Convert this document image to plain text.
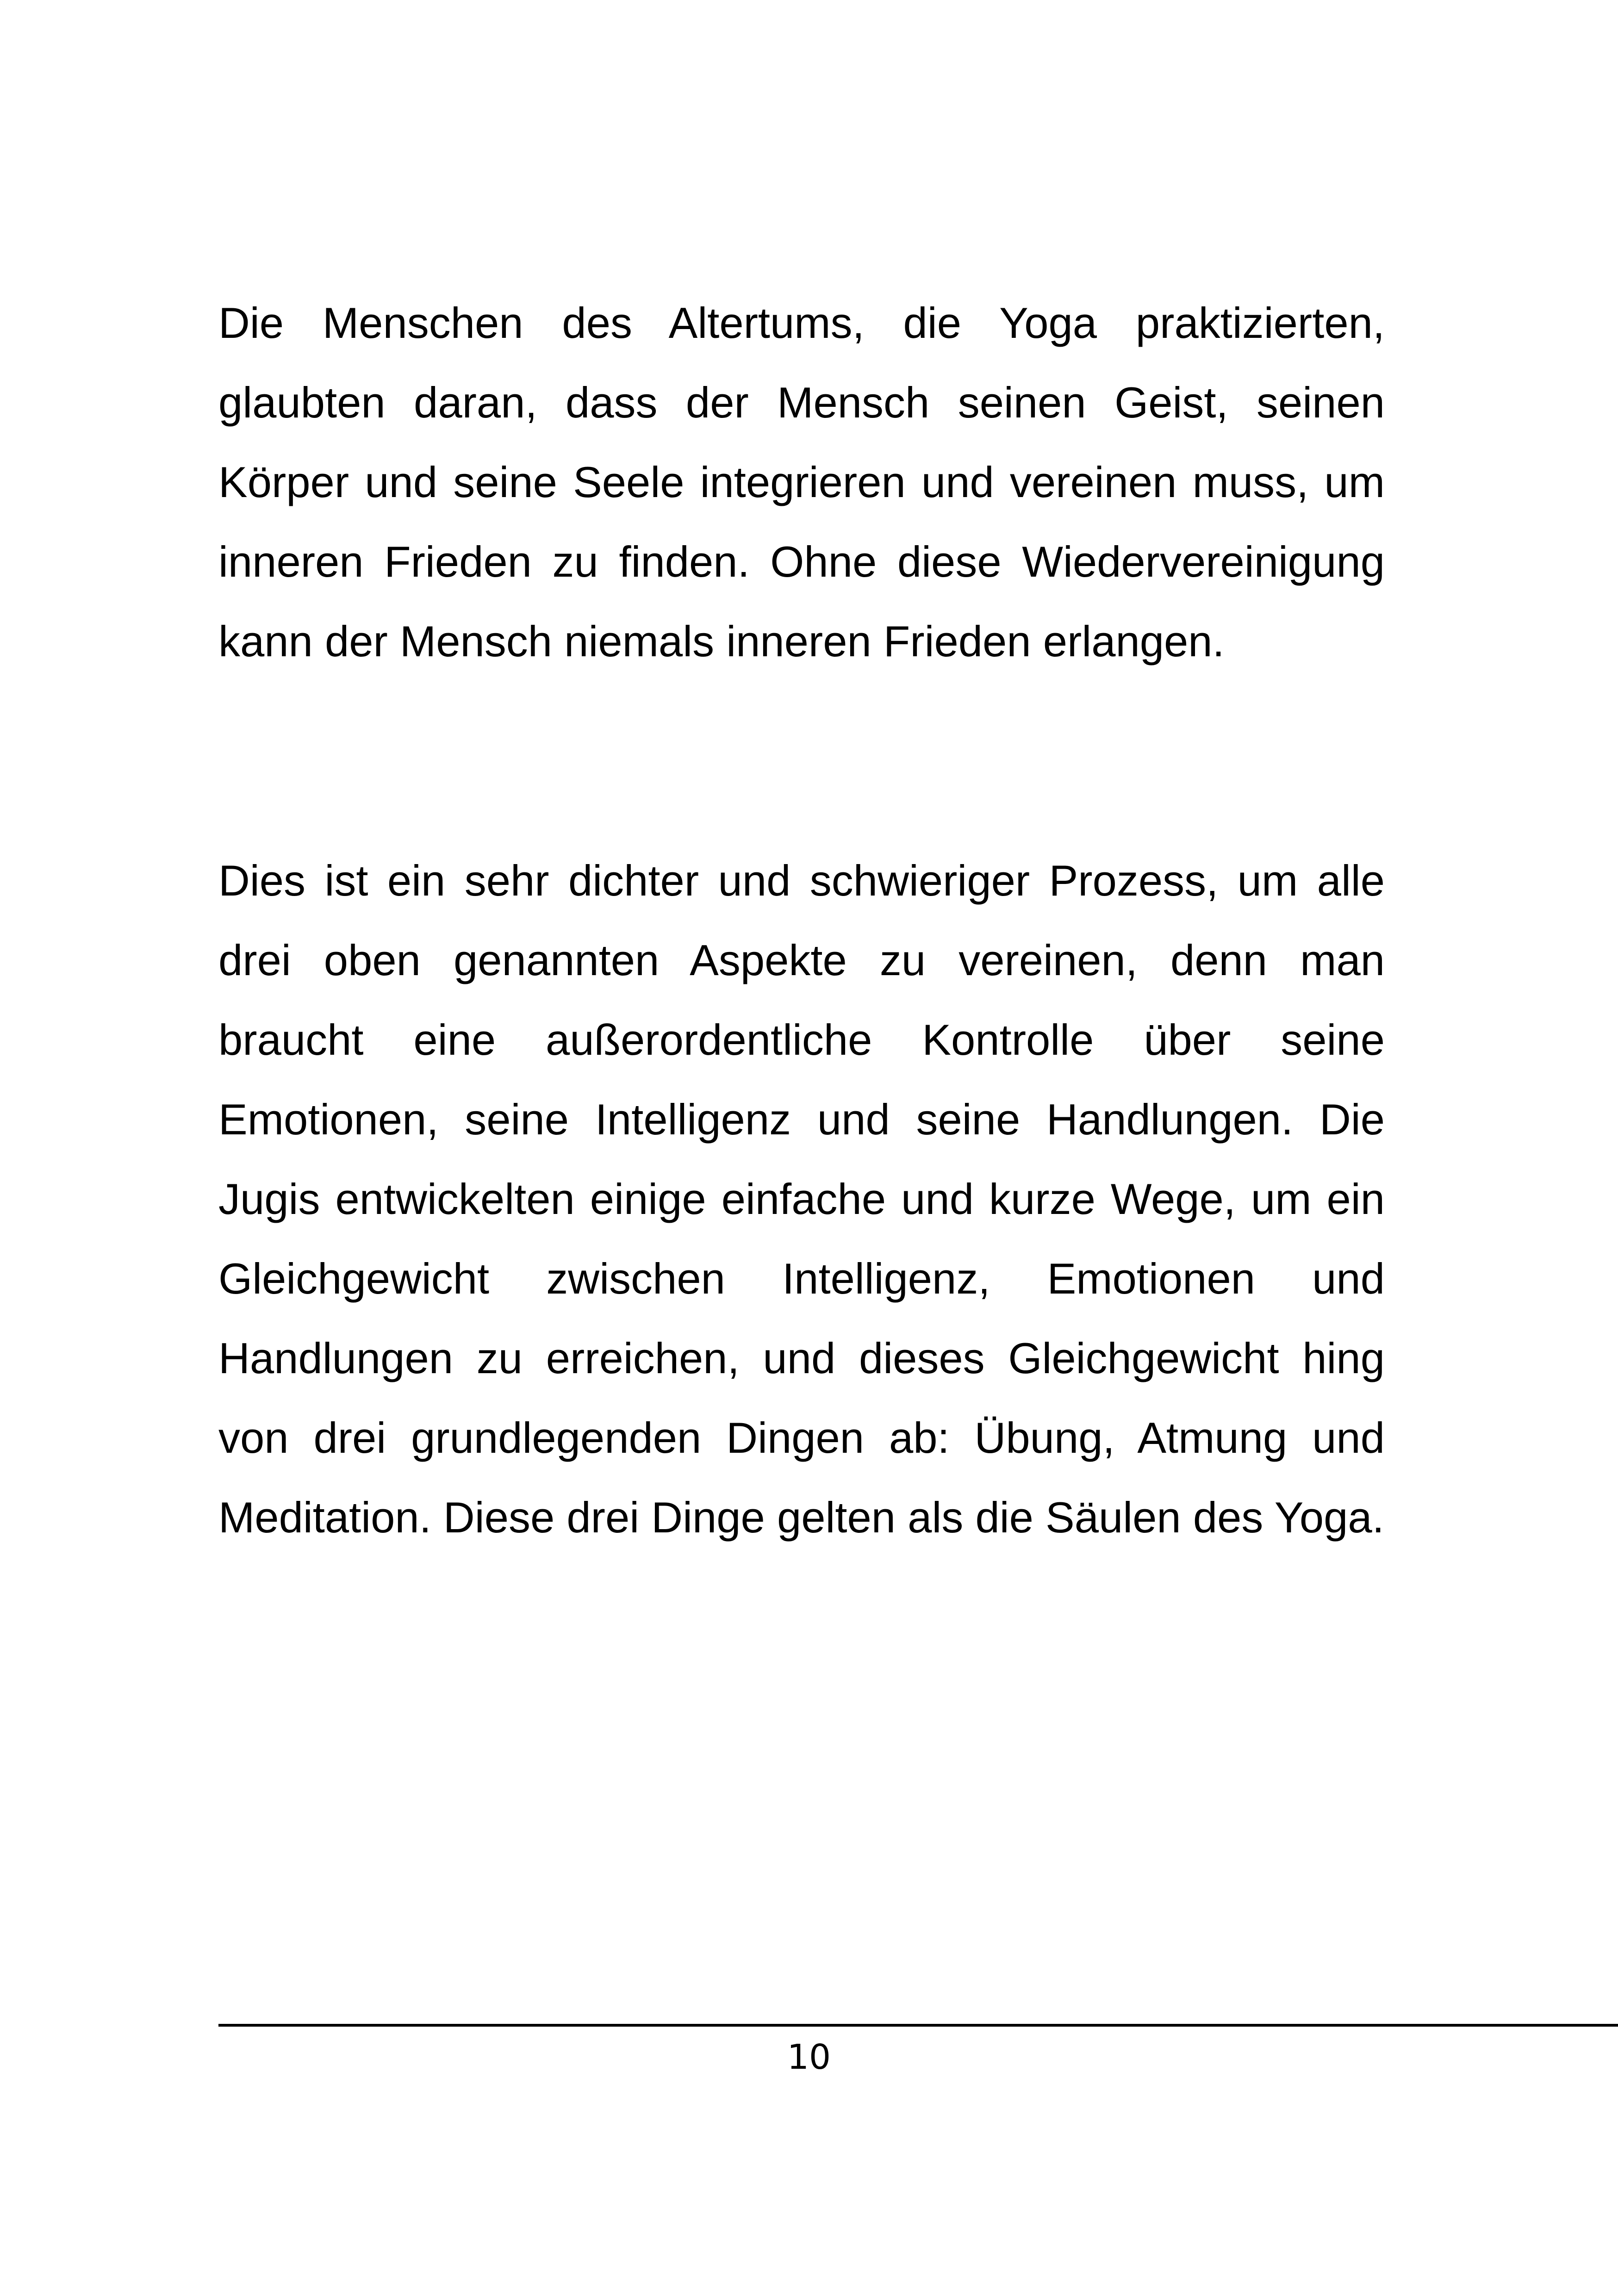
Die Menschen des Altertums, die Yoga praktizierten, glaubten daran, dass der Mensch seinen Geist, seinen Körper und seine Seele integrieren und vereinen muss, um inneren Frieden zu finden. Ohne diese Wiedervereinigung kann der Mensch niemals inneren Frieden erlangen.

Dies ist ein sehr dichter und schwieriger Prozess, um alle drei oben genannten Aspekte zu vereinen, denn man braucht eine außerordentliche Kontrolle über seine Emotionen, seine Intelligenz und seine Handlungen. Die Jugis entwickelten einige einfache und kurze Wege, um ein Gleichgewicht zwischen Intelligenz, Emotionen und Handlungen zu erreichen, und dieses Gleichgewicht hing von drei grundlegenden Dingen ab: Übung, Atmung und Meditation. Diese drei Dinge gelten als die Säulen des Yoga.

10
